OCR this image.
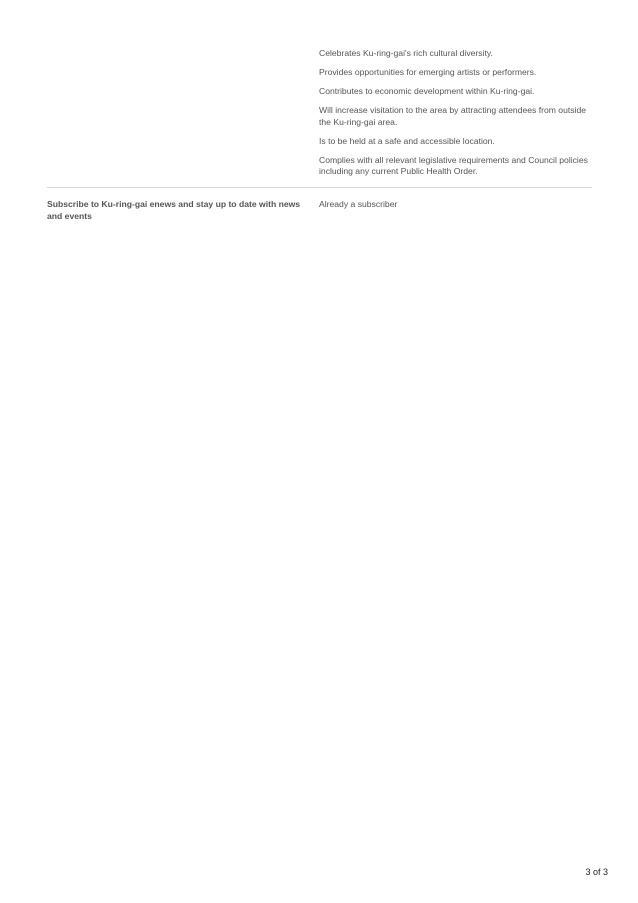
Celebrates Ku-ring-gai's rich cultural diversity.
Provides opportunities for emerging artists or performers.
Contributes to economic development within Ku-ring-gai.
Will increase visitation to the area by attracting attendees from outside the Ku-ring-gai area.
Is to be held at a safe and accessible location.
Complies with all relevant legislative requirements and Council policies including any current Public Health Order.

Subscribe to Ku-ring-gai enews and stay up to date with news and events

Already a subscriber

3 of 3
